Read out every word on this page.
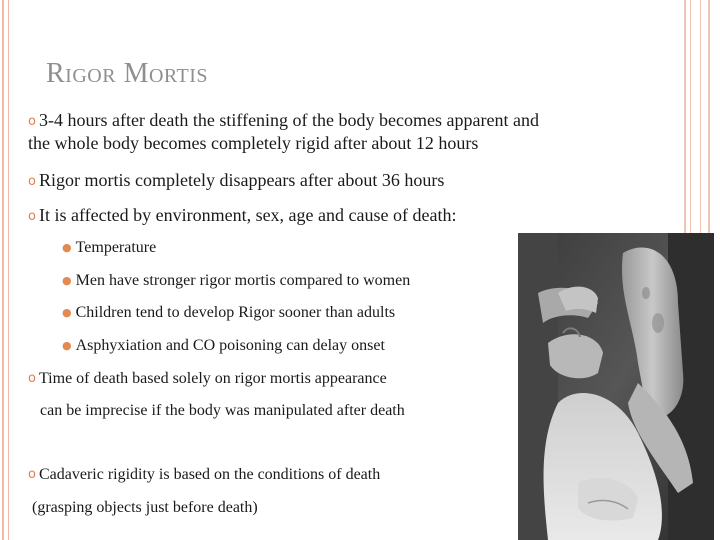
Rigor Mortis
o 3-4 hours after death the stiffening of the body becomes apparent and
the whole body becomes completely rigid after about 12 hours
o Rigor mortis completely disappears after about 36 hours
o It is affected by environment, sex, age and cause of death:
● Temperature
● Men have stronger rigor mortis compared to women
● Children tend to develop Rigor sooner than adults
● Asphyxiation and CO poisoning can delay onset
o Time of death based solely on rigor mortis appearance
can be imprecise if the body was manipulated after death
o Cadaveric rigidity is based on the conditions of death
(grasping objects just before death)
